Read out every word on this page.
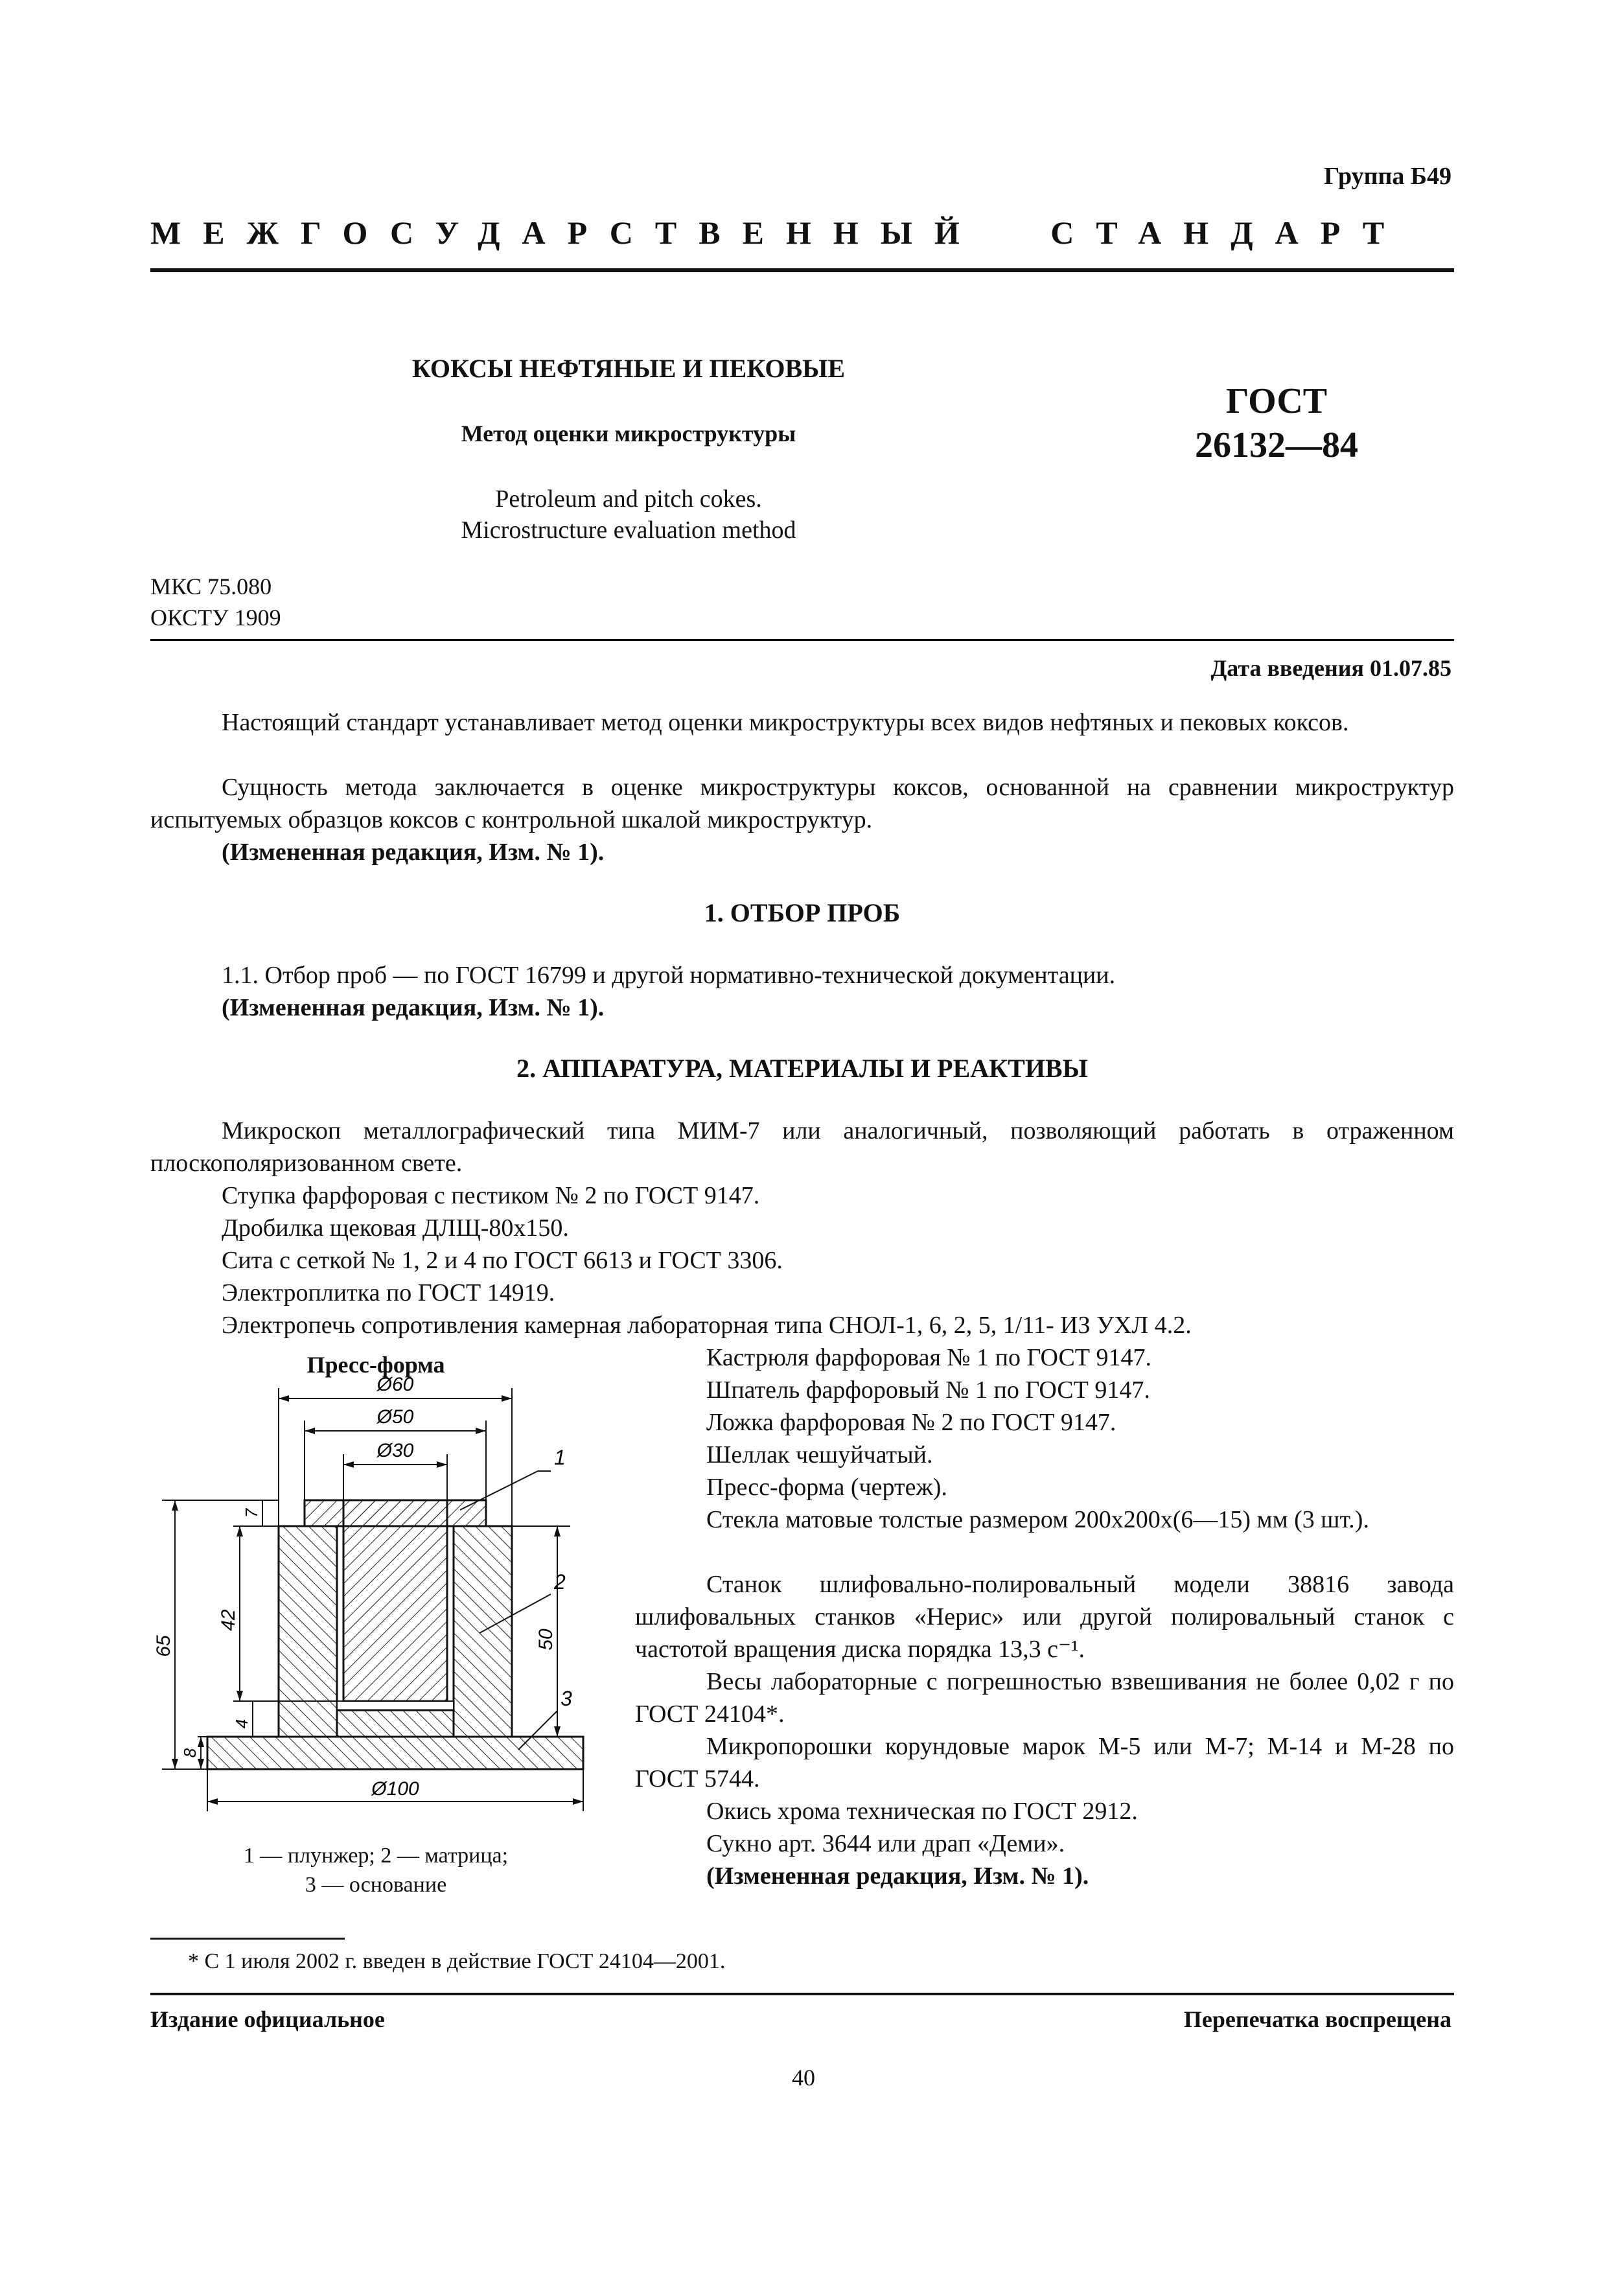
Группа Б49
МЕЖГОСУДАРСТВЕННЫЙ СТАНДАРТ
КОКСЫ НЕФТЯНЫЕ И ПЕКОВЫЕ
Метод оценки микроструктуры
Petroleum and pitch cokes.
Microstructure evaluation method
ГОСТ
26132—84
МКС 75.080
ОКСТУ 1909
Дата введения 01.07.85
Настоящий стандарт устанавливает метод оценки микроструктуры всех видов нефтяных и пековых коксов.
Сущность метода заключается в оценке микроструктуры коксов, основанной на сравнении микроструктур испытуемых образцов коксов с контрольной шкалой микроструктур.
(Измененная редакция, Изм. № 1).
1. ОТБОР ПРОБ
1.1. Отбор проб — по ГОСТ 16799 и другой нормативно-технической документации.
(Измененная редакция, Изм. № 1).
2. АППАРАТУРА, МАТЕРИАЛЫ И РЕАКТИВЫ
Микроскоп металлографический типа МИМ-7 или аналогичный, позволяющий работать в отраженном плоскополяризованном свете.
Ступка фарфоровая с пестиком № 2 по ГОСТ 9147.
Дробилка щековая ДЛЩ-80х150.
Сита с сеткой № 1, 2 и 4 по ГОСТ 6613 и ГОСТ 3306.
Электроплитка по ГОСТ 14919.
Электропечь сопротивления камерная лабораторная типа СНОЛ-1, 6, 2, 5, 1/11- ИЗ УХЛ 4.2.
Кастрюля фарфоровая № 1 по ГОСТ 9147.
Шпатель фарфоровый № 1 по ГОСТ 9147.
Ложка фарфоровая № 2 по ГОСТ 9147.
Шеллак чешуйчатый.
Пресс-форма (чертеж).
Стекла матовые толстые размером 200х200х(6—15) мм (3 шт.).
Станок шлифовально-полировальный модели 38816 завода шлифовальных станков «Нерис» или другой полировальный станок с частотой вращения диска порядка 13,3 с⁻¹.
Весы лабораторные с погрешностью взвешивания не более 0,02 г по ГОСТ 24104*.
Микропорошки корундовые марок М-5 или М-7; М-14 и М-28 по ГОСТ 5744.
Окись хрома техническая по ГОСТ 2912.
Сукно арт. 3644 или драп «Деми».
(Измененная редакция, Изм. № 1).
Пресс-форма
Ø60
Ø50
Ø30
Ø100
65
42
50
7
8
4
1
2
3
1 — плунжер; 2 — матрица;
3 — основание
* С 1 июля 2002 г. введен в действие ГОСТ 24104—2001.
Издание официальное	Перепечатка воспрещена
40
